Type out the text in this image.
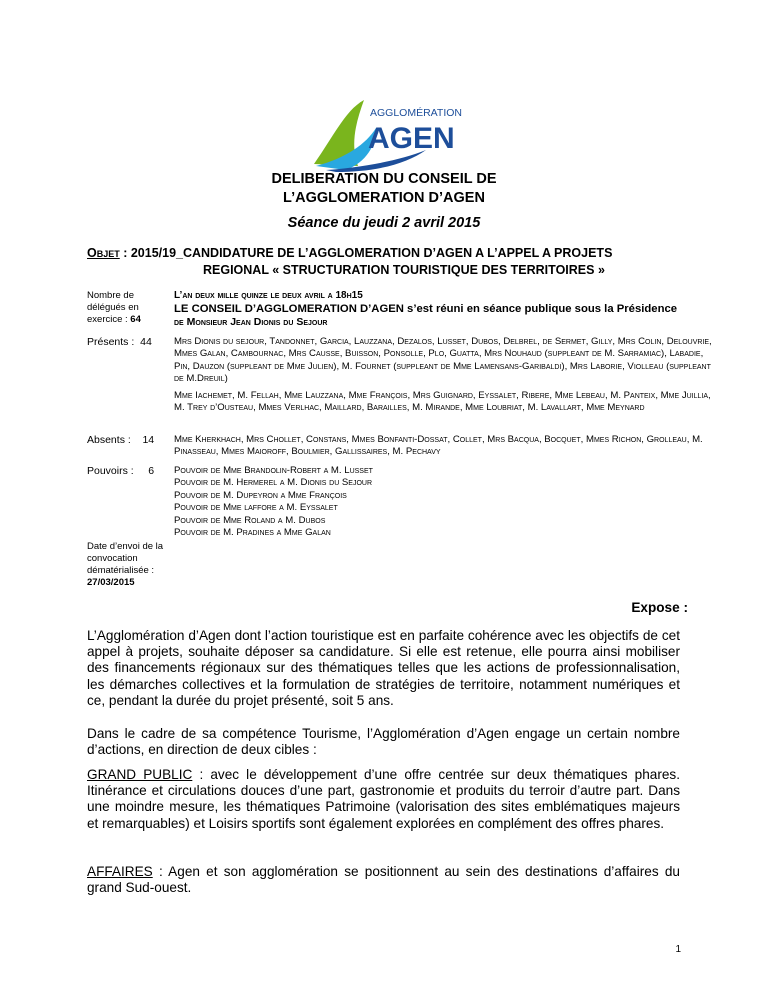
AGGLOMÉRATION
AGEN
DELIBERATION DU CONSEIL DE
L’AGGLOMERATION D’AGEN
Séance du jeudi 2 avril 2015
Objet : 2015/19_CANDIDATURE DE L’AGGLOMERATION D’AGEN A L’APPEL A PROJETS
REGIONAL « STRUCTURATION TOURISTIQUE DES TERRITOIRES »
Nombre de délégués en exercice : 64

L’an deux mille quinze le deux avril a 18h15

LE CONSEIL D’AGGLOMERATION D’AGEN s’est réuni en séance publique sous la Présidence

de Monsieur Jean Dionis du Sejour

Présents : 44	Mrs Dionis du sejour, Tandonnet, Garcia, Lauzzana, Dezalos, Lusset, Dubos, Delbrel, de Sermet, Gilly, Mrs Colin, Delouvrie, Mmes Galan, Cambournac, Mrs Causse, Buisson, Ponsolle, Plo, Guatta, Mrs Nouhaud (suppleant de M. Sarramiac), Labadie, Pin, Dauzon (suppleant de Mme Julien), M. Fournet (suppleant de Mme Lamensans-Garibaldi), Mrs Laborie, Violleau (suppleant de M.Dreuil)

Mme Iachemet, M. Fellah, Mme Lauzzana, Mme François, Mrs Guignard, Eyssalet, Ribere, Mme Lebeau, M. Panteix, Mme Juillia, M. Trey d’Ousteau, Mmes Verlhac, Maillard, Barailles, M. Mirande, Mme Loubriat, M. Lavallart, Mme Meynard

Absents : 14	Mme Kherkhach, Mrs Chollet, Constans, Mmes Bonfanti-Dossat, Collet, Mrs Bacqua, Bocquet, Mmes Richon, Grolleau, M. Pinasseau, Mmes Maioroff, Boulmier, Gallissaires, M. Pechavy
Pouvoirs : 6	Pouvoir de Mme Brandolin-Robert a M. Lusset

Pouvoir de M. Hermerel a M. Dionis du Sejour

Pouvoir de M. Dupeyron a Mme François

Pouvoir de Mme laffore a M. Eyssalet

Pouvoir de Mme Roland a M. Dubos

Pouvoir de M. Pradines a Mme Galan

Date d’envoi de la convocation dématérialisée :
27/03/2015
Expose :

L’Agglomération d’Agen dont l’action touristique est en parfaite cohérence avec les objectifs de cet appel à projets, souhaite déposer sa candidature. Si elle est retenue, elle pourra ainsi mobiliser des financements régionaux sur des thématiques telles que les actions de professionnalisation, les démarches collectives et la formulation de stratégies de territoire, notamment numériques et ce, pendant la durée du projet présenté, soit 5 ans.

Dans le cadre de sa compétence Tourisme, l’Agglomération d’Agen engage un certain nombre d’actions, en direction de deux cibles :

GRAND PUBLIC : avec le développement d’une offre centrée sur deux thématiques phares. Itinérance et circulations douces d’une part, gastronomie et produits du terroir d’autre part. Dans une moindre mesure, les thématiques Patrimoine (valorisation des sites emblématiques majeurs et remarquables) et Loisirs sportifs sont également explorées en complément des offres phares.

AFFAIRES : Agen et son agglomération se positionnent au sein des destinations d’affaires du grand Sud-ouest.

1
